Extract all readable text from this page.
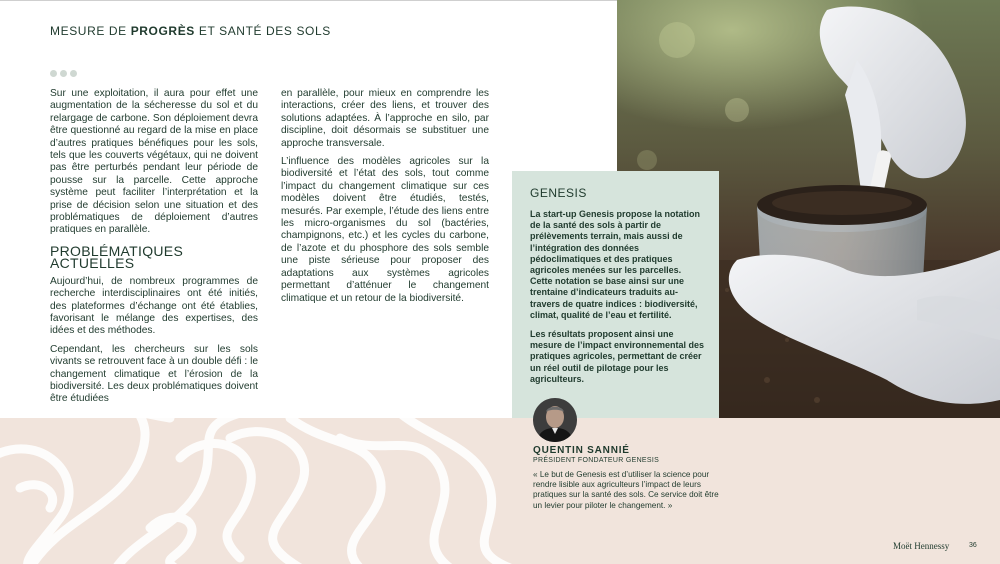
MESURE DE PROGRÈS ET SANTÉ DES SOLS

Sur une exploitation, il aura pour effet une augmentation de la sécheresse du sol et du relargage de carbone. Son déploiement devra être questionné au regard de la mise en place d’autres pratiques bénéfiques pour les sols, tels que les couverts végétaux, qui ne doivent pas être perturbés pendant leur période de pousse sur la parcelle. Cette approche système peut faciliter l’interprétation et la prise de décision selon une situation et des problématiques de déploiement d’autres pratiques en parallèle.

PROBLÉMATIQUES ACTUELLES

Aujourd’hui, de nombreux programmes de recherche interdisciplinaires ont été initiés, des plateformes d’échange ont été établies, favorisant le mélange des expertises, des idées et des méthodes.

Cependant, les chercheurs sur les sols vivants se retrouvent face à un double défi : le changement climatique et l’érosion de la biodiversité. Les deux problématiques doivent être étudiées

en parallèle, pour mieux en comprendre les interactions, créer des liens, et trouver des solutions adaptées. À l’approche en silo, par discipline, doit désormais se substituer une approche transversale.

L’influence des modèles agricoles sur la biodiversité et l’état des sols, tout comme l’impact du changement climatique sur ces modèles doivent être étudiés, testés, mesurés. Par exemple, l’étude des liens entre les micro-organismes du sol (bactéries, champignons, etc.) et les cycles du carbone, de l’azote et du phosphore des sols semble une piste sérieuse pour proposer des adaptations aux systèmes agricoles permettant d’atténuer le changement climatique et un retour de la biodiversité.

GENESIS

La start-up Genesis propose la notation de la santé des sols à partir de prélèvements terrain, mais aussi de l’intégration des données pédoclimatiques et des pratiques agricoles menées sur les parcelles. Cette notation se base ainsi sur une trentaine d’indicateurs traduits au-travers de quatre indices : biodiversité, climat, qualité de l’eau et fertilité.

Les résultats proposent ainsi une mesure de l’impact environnemental des pratiques agricoles, permettant de créer un réel outil de pilotage pour les agriculteurs.

QUENTIN SANNIÉ
PRÉSIDENT FONDATEUR GENESIS
« Le but de Genesis est d’utiliser la science pour rendre lisible aux agriculteurs l’impact de leurs pratiques sur la santé des sols. Ce service doit être un levier pour piloter le changement. »
Moët Hennessy	36
